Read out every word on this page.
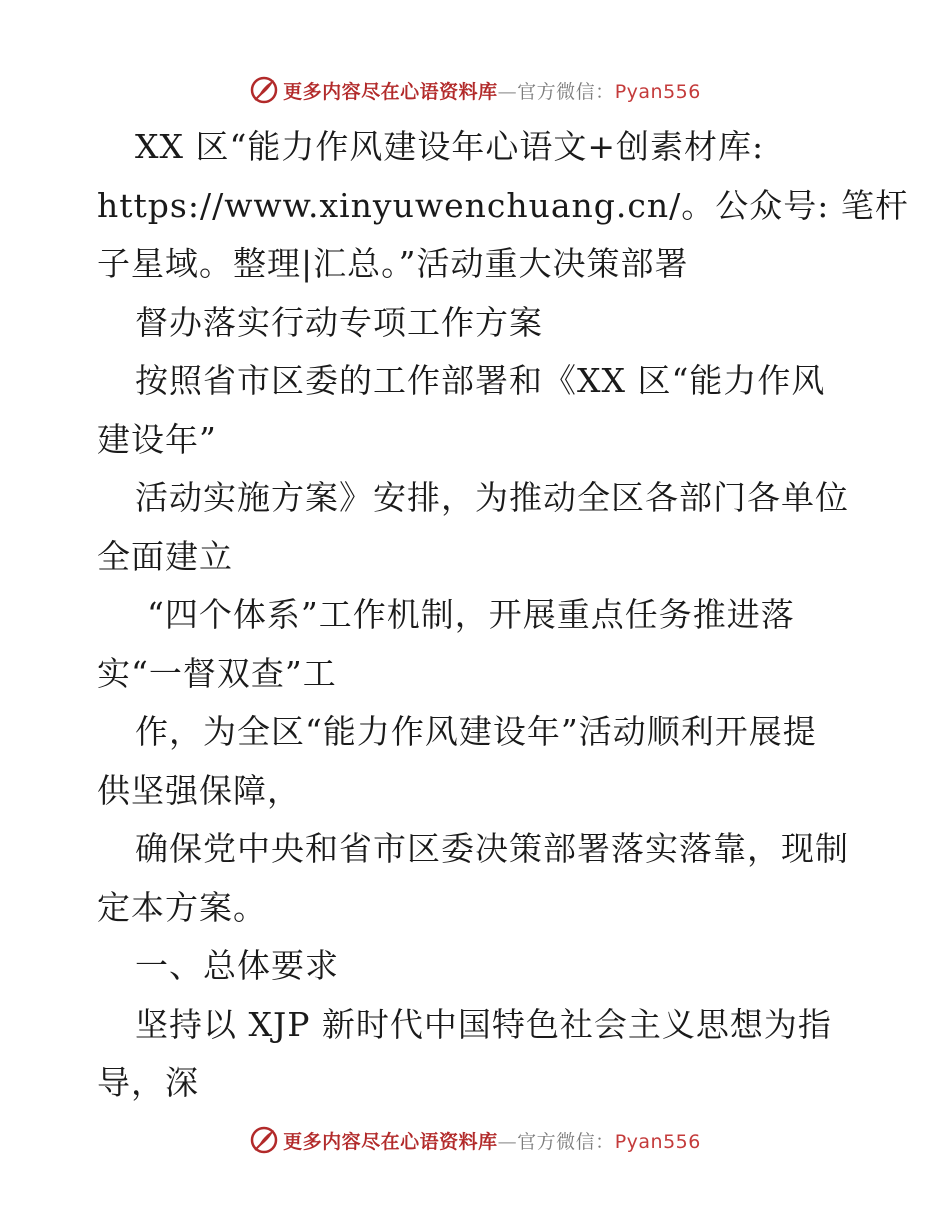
更多内容尽在心语资料库—官方微信：Pyan556
XX 区“能力作风建设年心语文+创素材库:
https://www.xinyuwenchuang.cn/。公众号: 笔杆
子星域。整理|汇总。”活动重大决策部署
督办落实行动专项工作方案
按照省市区委的工作部署和《XX 区“能力作风
建设年”
活动实施方案》安排，为推动全区各部门各单位
全面建立
“四个体系”工作机制，开展重点任务推进落
实“一督双查”工
作，为全区“能力作风建设年”活动顺利开展提
供坚强保障，
确保党中央和省市区委决策部署落实落靠，现制
定本方案。
一、总体要求
坚持以 XJP 新时代中国特色社会主义思想为指
导，深
更多内容尽在心语资料库—官方微信：Pyan556
